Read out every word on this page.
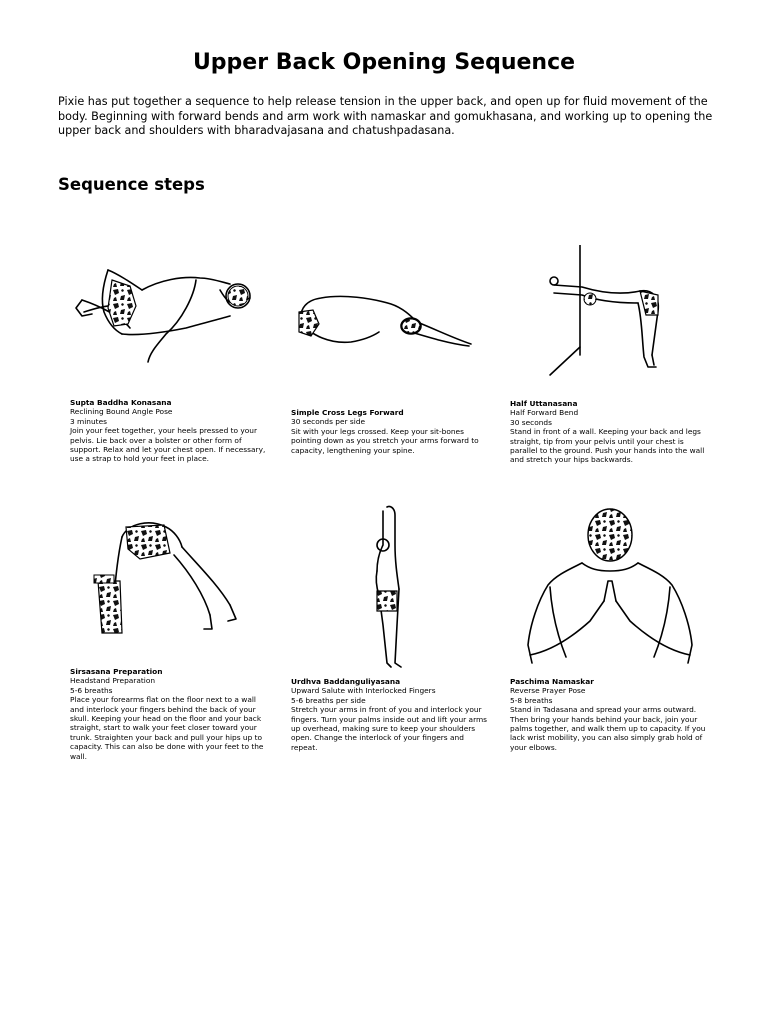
Upper Back Opening Sequence

Pixie has put together a sequence to help release tension in the upper back, and open up for fluid movement of the body. Beginning with forward bends and arm work with namaskar and gomukhasana, and working up to opening the upper back and shoulders with bharadvajasana and chatushpadasana.

Sequence steps
Supta Baddha Konasana
Reclining Bound Angle Pose
3 minutes
Join your feet together, your heels pressed to your pelvis. Lie back over a bolster or other form of support. Relax and let your chest open. If necessary, use a strap to hold your feet in place.
Simple Cross Legs Forward
30 seconds per side
Sit with your legs crossed. Keep your sit-bones pointing down as you stretch your arms forward to capacity, lengthening your spine.
Half Uttanasana
Half Forward Bend
30 seconds
Stand in front of a wall. Keeping your back and legs straight, tip from your pelvis until your chest is parallel to the ground. Push your hands into the wall and stretch your hips backwards.
Sirsasana Preparation
Headstand Preparation
5-6 breaths
Place your forearms flat on the floor next to a wall and interlock your fingers behind the back of your skull. Keeping your head on the floor and your back straight, start to walk your feet closer toward your trunk. Straighten your back and pull your hips up to capacity. This can also be done with your feet to the wall.
Urdhva Baddanguliyasana
Upward Salute with Interlocked Fingers
5-6 breaths per side
Stretch your arms in front of you and interlock your fingers. Turn your palms inside out and lift your arms up overhead, making sure to keep your shoulders open. Change the interlock of your fingers and repeat.
Paschima Namaskar
Reverse Prayer Pose
5-8 breaths
Stand in Tadasana and spread your arms outward. Then bring your hands behind your back, join your palms together, and walk them up to capacity. If you lack wrist mobility, you can also simply grab hold of your elbows.
